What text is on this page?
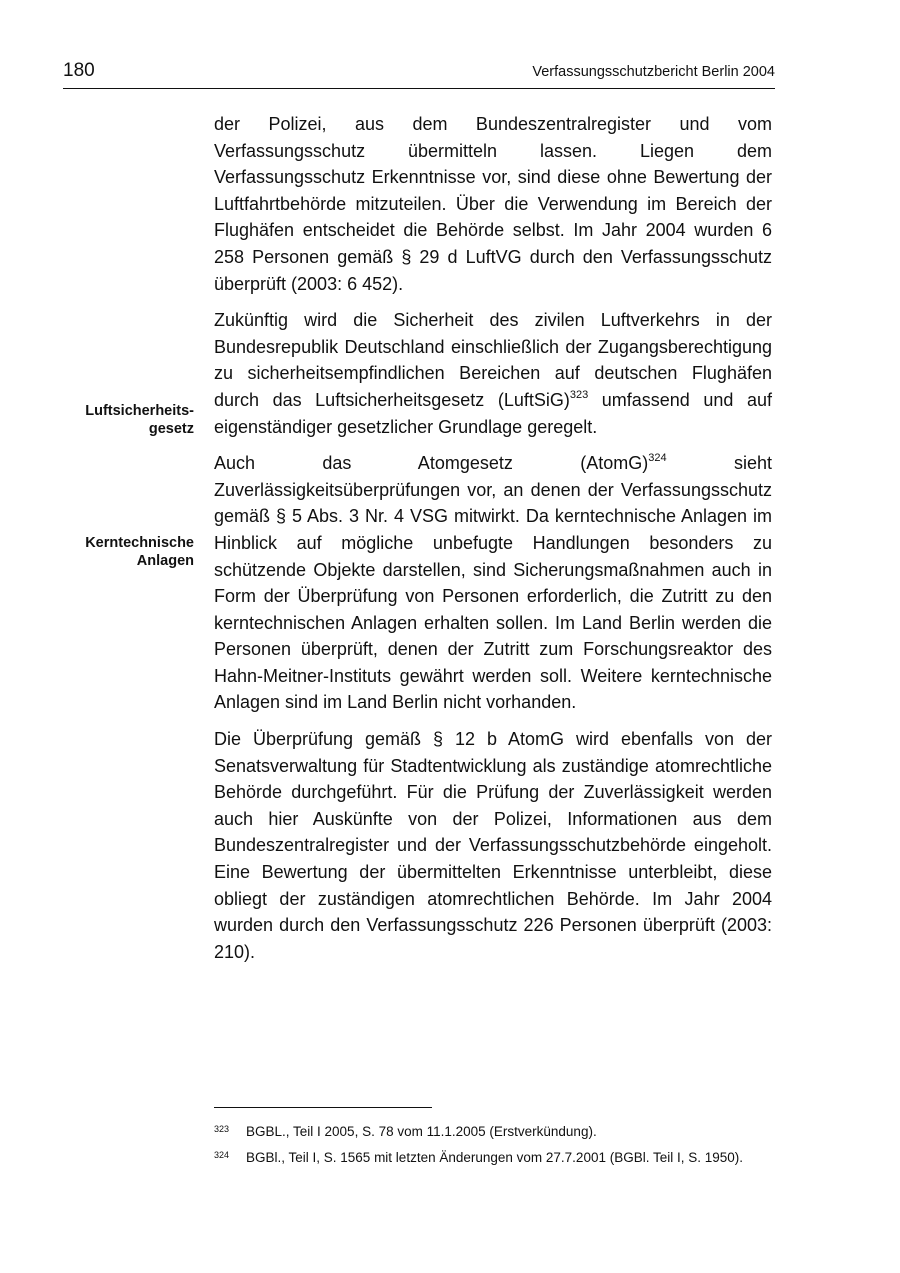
180	Verfassungsschutzbericht Berlin 2004
Luftsicherheits-
gesetz
Kerntechnische
Anlagen

der Polizei, aus dem Bundeszentralregister und vom Verfassungsschutz übermitteln lassen. Liegen dem Verfassungsschutz Erkenntnisse vor, sind diese ohne Bewertung der Luftfahrtbehörde mitzuteilen. Über die Verwendung im Bereich der Flughäfen entscheidet die Behörde selbst. Im Jahr 2004 wurden 6 258 Personen gemäß § 29 d LuftVG durch den Verfassungsschutz überprüft (2003: 6 452).

Zukünftig wird die Sicherheit des zivilen Luftverkehrs in der Bundesrepublik Deutschland einschließlich der Zugangsberechtigung zu sicherheitsempfindlichen Bereichen auf deutschen Flughäfen durch das Luftsicherheitsgesetz (LuftSiG)$^{323}$ umfassend und auf eigenständiger gesetzlicher Grundlage geregelt.

Auch das Atomgesetz (AtomG)$^{324}$ sieht Zuverlässigkeitsüberprüfungen vor, an denen der Verfassungsschutz gemäß § 5 Abs. 3 Nr. 4 VSG mitwirkt. Da kerntechnische Anlagen im Hinblick auf mögliche unbefugte Handlungen besonders zu schützende Objekte darstellen, sind Sicherungsmaßnahmen auch in Form der Überprüfung von Personen erforderlich, die Zutritt zu den kerntechnischen Anlagen erhalten sollen. Im Land Berlin werden die Personen überprüft, denen der Zutritt zum Forschungsreaktor des Hahn-Meitner-Instituts gewährt werden soll. Weitere kerntechnische Anlagen sind im Land Berlin nicht vorhanden.

Die Überprüfung gemäß § 12 b AtomG wird ebenfalls von der Senatsverwaltung für Stadtentwicklung als zuständige atomrechtliche Behörde durchgeführt. Für die Prüfung der Zuverlässigkeit werden auch hier Auskünfte von der Polizei, Informationen aus dem Bundeszentralregister und der Verfassungsschutzbehörde eingeholt. Eine Bewertung der übermittelten Erkenntnisse unterbleibt, diese obliegt der zuständigen atomrechtlichen Behörde. Im Jahr 2004 wurden durch den Verfassungsschutz 226 Personen überprüft (2003: 210).

323	BGBL., Teil I 2005, S. 78 vom 11.1.2005 (Erstverkündung).
324	BGBl., Teil I, S. 1565 mit letzten Änderungen vom 27.7.2001 (BGBl. Teil I, S. 1950).
